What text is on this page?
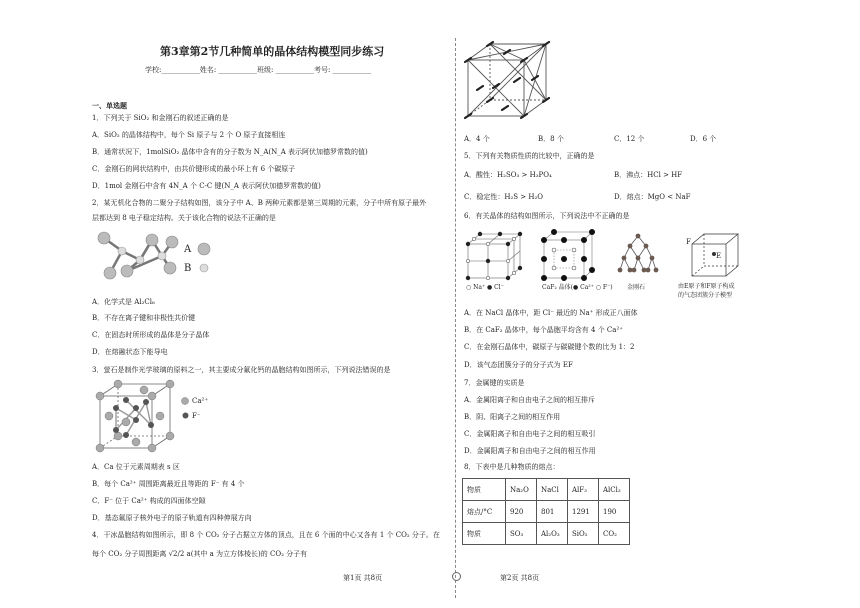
第3章第2节几种简单的晶体结构模型同步练习
学校:___________姓名: ___________班级: ___________考号: ___________
一、单选题
1．下列关于 SiO₂ 和金刚石的叙述正确的是
A．SiO₂ 的晶体结构中，每个 Si 原子与 2 个 O 原子直接相连
B．通常状况下，1molSiO₂ 晶体中含有的分子数为 N_A(N_A 表示阿伏加德罗常数的值)
C．金刚石的网状结构中，由共价键形成的最小环上有 6 个碳原子
D．1mol 金刚石中含有 4N_A 个 C-C 键(N_A 表示阿伏加德罗常数的值)
2．某无机化合物的二聚分子结构如图，该分子中 A、B 两种元素都是第三周期的元素，分子中所有原子最外
层都达到 8 电子稳定结构。关于该化合物的说法不正确的是
A
B
A．化学式是 Al₂Cl₆
B．不存在离子键和非极性共价键
C．在固态时所形成的晶体是分子晶体
D．在熔融状态下能导电
3．萤石是制作光学玻璃的原料之一，其主要成分氟化钙的晶胞结构如图所示，下列说法错误的是
Ca²⁺
F⁻
A．Ca 位于元素周期表 s 区
B．每个 Ca²⁺ 周围距离最近且等距的 F⁻ 有 4 个
C．F⁻ 位于 Ca²⁺ 构成的四面体空隙
D．基态氟原子核外电子的原子轨道有四种伸展方向
4．干冰晶胞结构如图所示，即 8 个 CO₂ 分子占据立方体的顶点，且在 6 个面的中心又各有 1 个 CO₂ 分子。在
每个 CO₂ 分子周围距离 √2/2 a(其中 a 为立方体棱长)的 CO₂ 分子有
第1页 共8页
A．4 个	B．8 个	C．12 个	D．6 个
5．下列有关物质性质的比较中，正确的是
A．酸性：H₂SO₃ > H₃PO₄	B．沸点：HCl > HF
C．稳定性：H₂S > H₂O	D．熔点：MgO < NaF
6．有关晶体的结构如图所示，下列说法中不正确的是
○ Na⁺ ● Cl⁻	CaF₂ 晶体(● Ca²⁺ ○ F⁻) 金刚石
F
E
由E原子和F原子构成
的气态团簇分子模型
A．在 NaCl 晶体中，距 Cl⁻ 最近的 Na⁺ 形成正八面体
B．在 CaF₂ 晶体中，每个晶胞平均含有 4 个 Ca²⁺
C．在金刚石晶体中，碳原子与碳碳键个数的比为 1：2
D．该气态团簇分子的分子式为 EF
7．金属键的实质是
A．金属阳离子和自由电子之间的相互排斥
B．阴、阳离子之间的相互作用
C．金属阳离子和自由电子之间的相互吸引
D．金属阳离子和自由电子之间的相互作用
8．下表中是几种物质的熔点：
第2页 共8页
物质	Na₂O	NaCl	AlF₃	AlCl₃
熔点/°C	920	801	1291	190
物质	SO₃	Al₂O₃	SiO₂	CO₂
